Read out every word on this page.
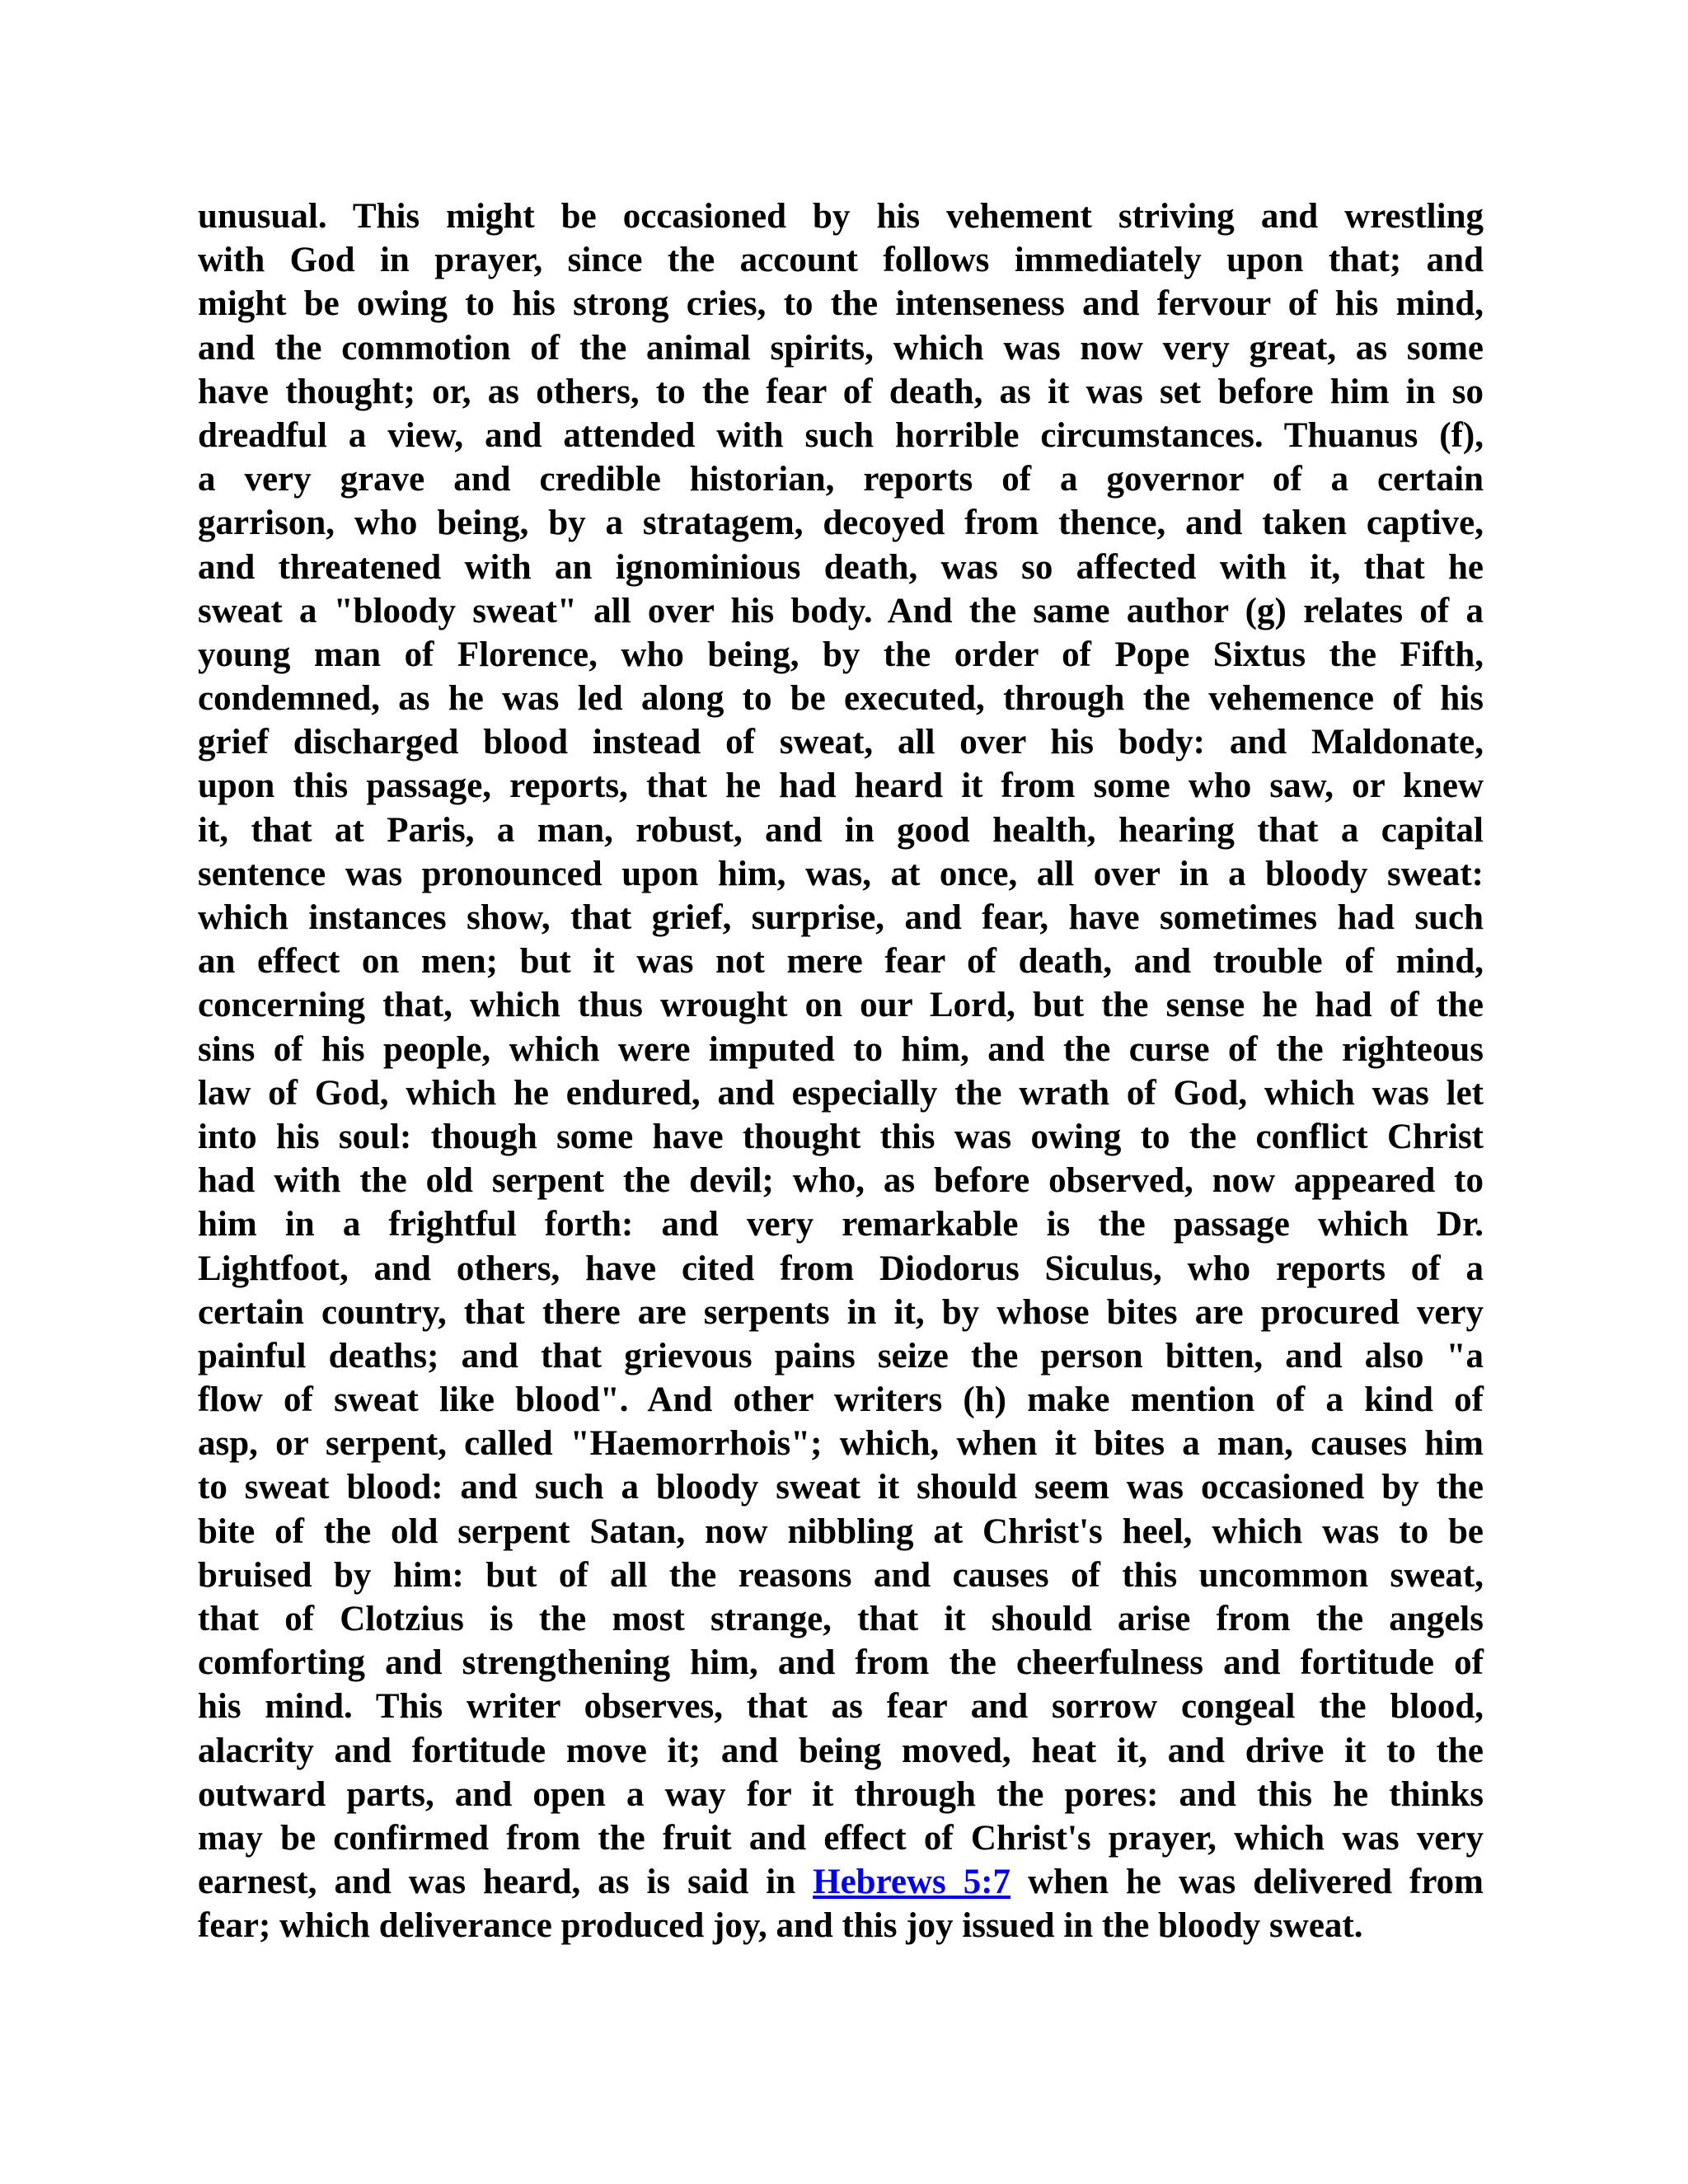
unusual. This might be occasioned by his vehement striving and wrestling
with God in prayer, since the account follows immediately upon that; and
might be owing to his strong cries, to the intenseness and fervour of his mind,
and the commotion of the animal spirits, which was now very great, as some
have thought; or, as others, to the fear of death, as it was set before him in so
dreadful a view, and attended with such horrible circumstances. Thuanus (f),
a very grave and credible historian, reports of a governor of a certain
garrison, who being, by a stratagem, decoyed from thence, and taken captive,
and threatened with an ignominious death, was so affected with it, that he
sweat a "bloody sweat" all over his body. And the same author (g) relates of a
young man of Florence, who being, by the order of Pope Sixtus the Fifth,
condemned, as he was led along to be executed, through the vehemence of his
grief discharged blood instead of sweat, all over his body: and Maldonate,
upon this passage, reports, that he had heard it from some who saw, or knew
it, that at Paris, a man, robust, and in good health, hearing that a capital
sentence was pronounced upon him, was, at once, all over in a bloody sweat:
which instances show, that grief, surprise, and fear, have sometimes had such
an effect on men; but it was not mere fear of death, and trouble of mind,
concerning that, which thus wrought on our Lord, but the sense he had of the
sins of his people, which were imputed to him, and the curse of the righteous
law of God, which he endured, and especially the wrath of God, which was let
into his soul: though some have thought this was owing to the conflict Christ
had with the old serpent the devil; who, as before observed, now appeared to
him in a frightful forth: and very remarkable is the passage which Dr.
Lightfoot, and others, have cited from Diodorus Siculus, who reports of a
certain country, that there are serpents in it, by whose bites are procured very
painful deaths; and that grievous pains seize the person bitten, and also "a
flow of sweat like blood". And other writers (h) make mention of a kind of
asp, or serpent, called "Haemorrhois"; which, when it bites a man, causes him
to sweat blood: and such a bloody sweat it should seem was occasioned by the
bite of the old serpent Satan, now nibbling at Christ's heel, which was to be
bruised by him: but of all the reasons and causes of this uncommon sweat,
that of Clotzius is the most strange, that it should arise from the angels
comforting and strengthening him, and from the cheerfulness and fortitude of
his mind. This writer observes, that as fear and sorrow congeal the blood,
alacrity and fortitude move it; and being moved, heat it, and drive it to the
outward parts, and open a way for it through the pores: and this he thinks
may be confirmed from the fruit and effect of Christ's prayer, which was very
earnest, and was heard, as is said in Hebrews 5:7 when he was delivered from
fear; which deliverance produced joy, and this joy issued in the bloody sweat.
